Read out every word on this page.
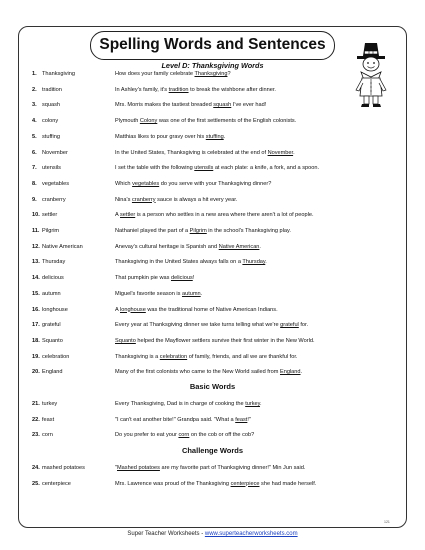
Spelling Words and Sentences
Level D: Thanksgiving Words
1. Thanksgiving	How does your family celebrate Thanksgiving?
2. tradition	In Ashley's family, it's tradition to break the wishbone after dinner.
3. squash	Mrs. Morris makes the tastiest breaded squash I've ever had!
4. colony	Plymouth Colony was one of the first settlements of the English colonists.
5. stuffing	Matthias likes to pour gravy over his stuffing.
6. November	In the United States, Thanksgiving is celebrated at the end of November.
7. utensils	I set the table with the following utensils at each plate: a knife, a fork, and a spoon.
8. vegetables	Which vegetables do you serve with your Thanksgiving dinner?
9. cranberry	Nina's cranberry sauce is always a hit every year.
10. settler	A settler is a person who settles in a new area where there aren't a lot of people.
11. Pilgrim	Nathaniel played the part of a Pilgrim in the school's Thanksgiving play.
12. Native American	Anevay's cultural heritage is Spanish and Native American.
13. Thursday	Thanksgiving in the United States always falls on a Thursday.
14. delicious	That pumpkin pie was delicious!
15. autumn	Miguel's favorite season is autumn.
16. longhouse	A longhouse was the traditional home of Native American Indians.
17. grateful	Every year at Thanksgiving dinner we take turns telling what we're grateful for.
18. Squanto	Squanto helped the Mayflower settlers survive their first winter in the New World.
19. celebration	Thanksgiving is a celebration of family, friends, and all we are thankful for.
20. England	Many of the first colonists who came to the New World sailed from England.
Basic Words
21. turkey	Every Thanksgiving, Dad is in charge of cooking the turkey.
22. feast	"I can't eat another bite!" Grandpa said. "What a feast!"
23. corn	Do you prefer to eat your corn on the cob or off the cob?
Challenge Words
24. mashed potatoes	"Mashed potatoes are my favorite part of Thanksgiving dinner!" Min Jun said.
25. centerpiece	Mrs. Lawrence was proud of the Thanksgiving centerpiece she had made herself.
121
Super Teacher Worksheets - www.superteacherworksheets.com
